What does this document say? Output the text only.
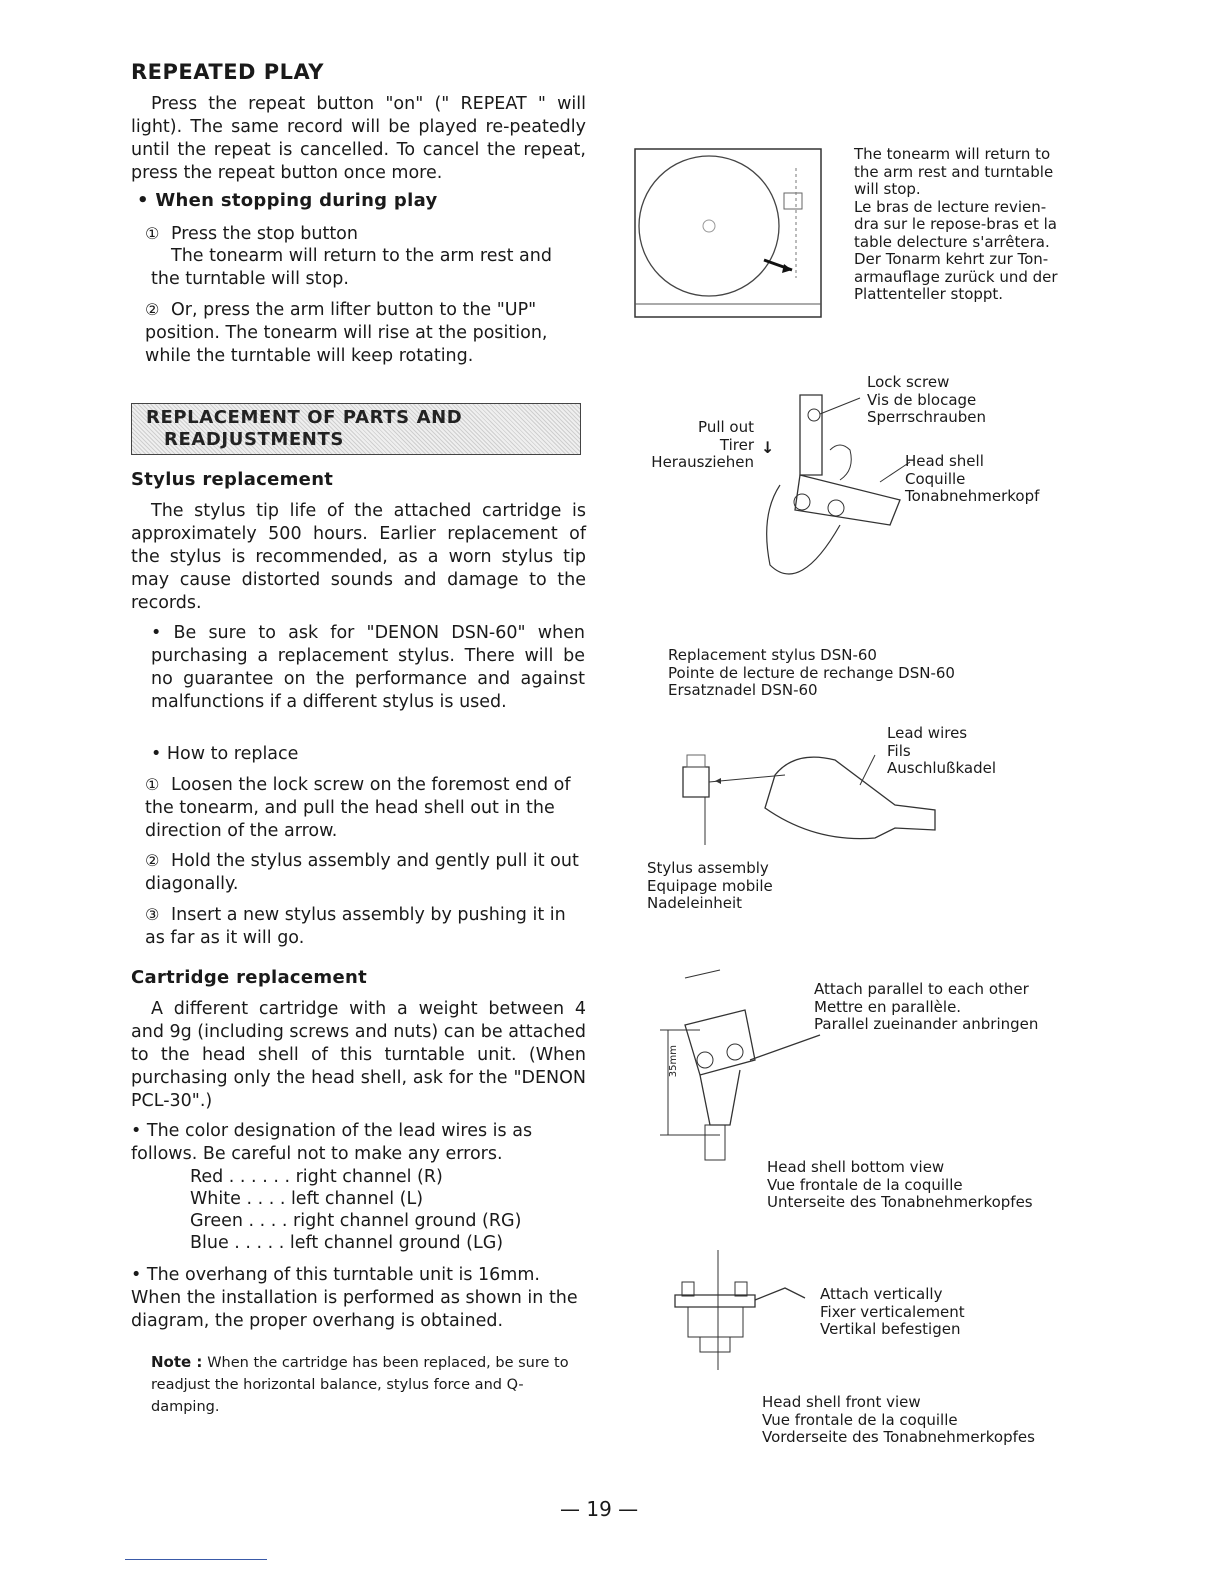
REPEATED PLAY
Press the repeat button "on" (" REPEAT " will light). The same record will be played re-peatedly until the repeat is cancelled. To cancel the repeat, press the repeat button once more.
• When stopping during play
① Press the stop button
The tonearm will return to the arm rest and the turntable will stop.
② Or, press the arm lifter button to the "UP" position. The tonearm will rise at the position, while the turntable will keep rotating.
REPLACEMENT OF PARTS AND
READJUSTMENTS
Stylus replacement
The stylus tip life of the attached cartridge is approximately 500 hours. Earlier replacement of the stylus is recommended, as a worn stylus tip may cause distorted sounds and damage to the records.
• Be sure to ask for "DENON DSN-60" when purchasing a replacement stylus. There will be no guarantee on the performance and against malfunctions if a different stylus is used.
• How to replace
① Loosen the lock screw on the foremost end of the tonearm, and pull the head shell out in the direction of the arrow.
② Hold the stylus assembly and gently pull it out diagonally.
③ Insert a new stylus assembly by pushing it in as far as it will go.
Cartridge replacement
A different cartridge with a weight between 4 and 9g (including screws and nuts) can be attached to the head shell of this turntable unit. (When purchasing only the head shell, ask for the "DENON PCL-30".)
• The color designation of the lead wires is as follows. Be careful not to make any errors.
Red . . . . . . right channel (R)
White . . . . left channel (L)
Green . . . . right channel ground (RG)
Blue . . . . . left channel ground (LG)
• The overhang of this turntable unit is 16mm. When the installation is performed as shown in the diagram, the proper overhang is obtained.
Note : When the cartridge has been replaced, be sure to readjust the horizontal balance, stylus force and Q-damping.
The tonearm will return to
the arm rest and turntable
will stop.
Le bras de lecture revien-
dra sur le repose-bras et la
table delecture s'arrêtera.
Der Tonarm kehrt zur Ton-
armauflage zurück und der
Plattenteller stoppt.
Lock screw
Vis de blocage
Sperrschrauben
Pull out
Tirer
Herausziehen
↓
Head shell
Coquille
Tonabnehmerkopf
Replacement stylus DSN-60
Pointe de lecture de rechange DSN-60
Ersatznadel DSN-60
Lead wires
Fils
Auschlußkadel
Stylus assembly
Equipage mobile
Nadeleinheit
35mm
Attach parallel to each other
Mettre en parallèle.
Parallel zueinander anbringen
Head shell bottom view
Vue frontale de la coquille
Unterseite des Tonabnehmerkopfes
Attach vertically
Fixer verticalement
Vertikal befestigen
Head shell front view
Vue frontale de la coquille
Vorderseite des Tonabnehmerkopfes
— 19 —
